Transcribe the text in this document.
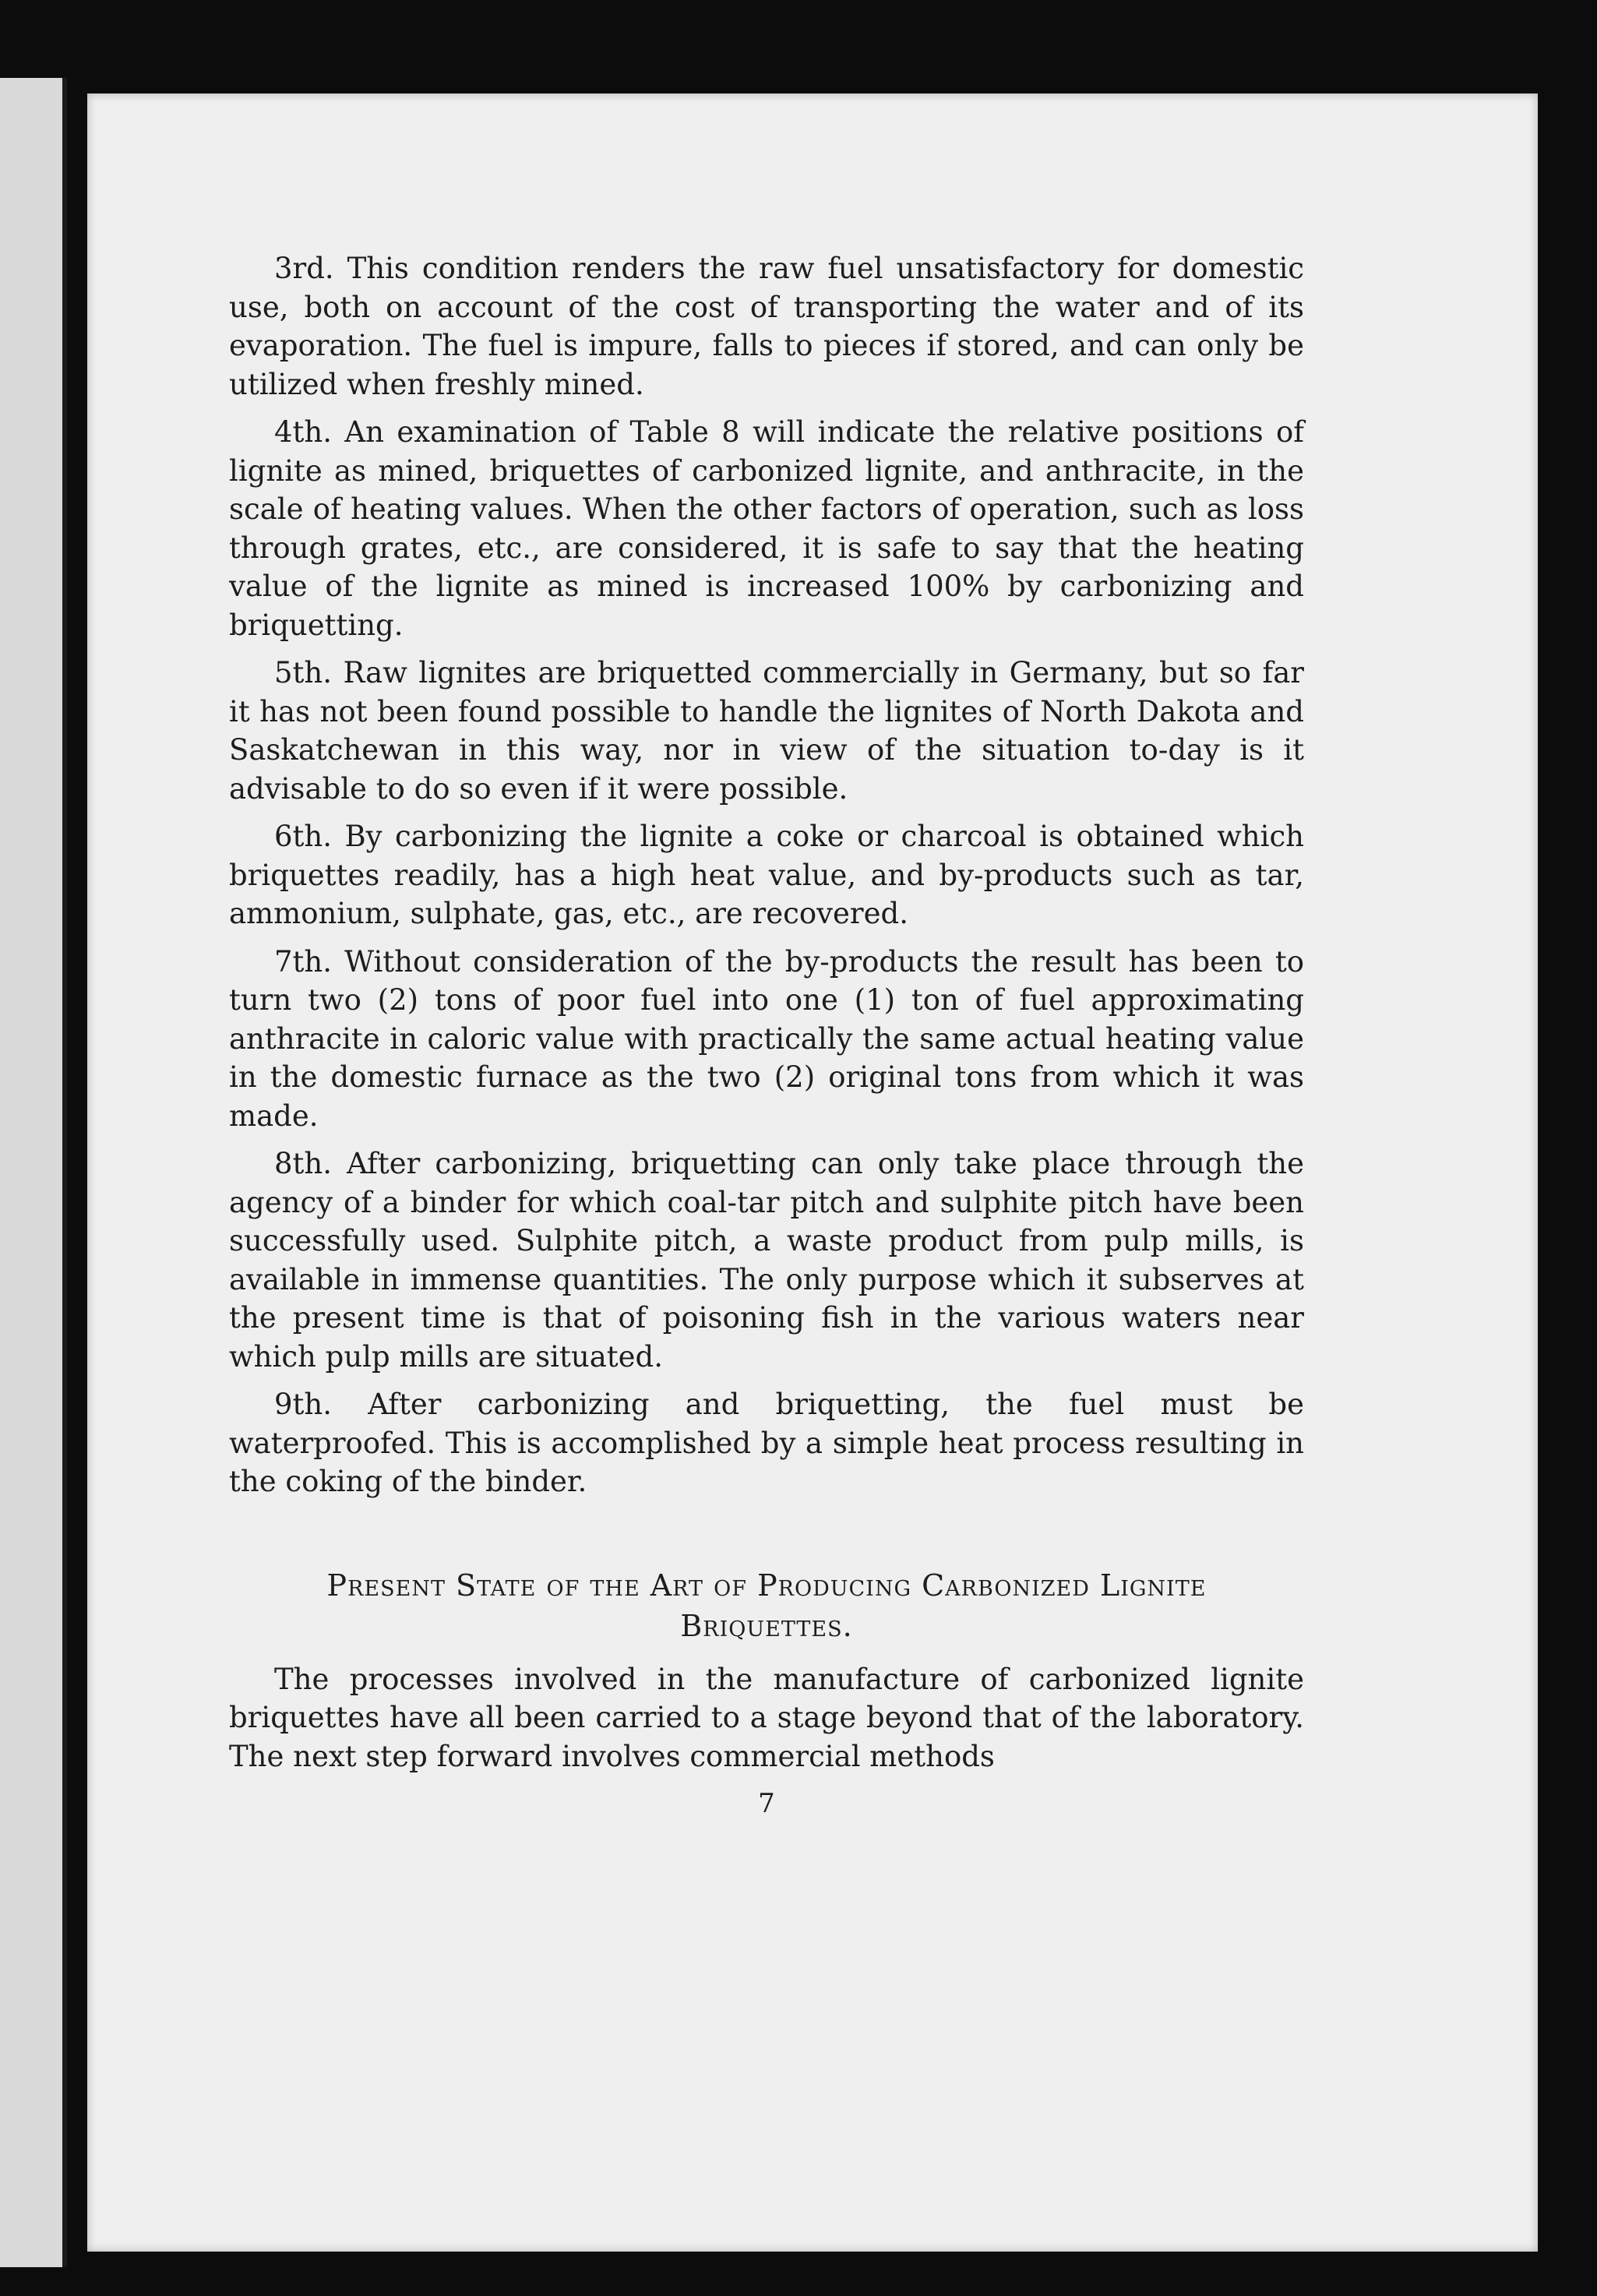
3rd. This condition renders the raw fuel unsatisfactory for domestic use, both on account of the cost of transporting the water and of its evaporation. The fuel is impure, falls to pieces if stored, and can only be utilized when freshly mined.

4th. An examination of Table 8 will indicate the relative positions of lignite as mined, briquettes of carbonized lignite, and anthracite, in the scale of heating values. When the other factors of operation, such as loss through grates, etc., are considered, it is safe to say that the heating value of the lignite as mined is increased 100% by carbonizing and briquetting.

5th. Raw lignites are briquetted commercially in Germany, but so far it has not been found possible to handle the lignites of North Dakota and Saskatchewan in this way, nor in view of the situation to-day is it advisable to do so even if it were possible.

6th. By carbonizing the lignite a coke or charcoal is obtained which briquettes readily, has a high heat value, and by-products such as tar, ammonium, sulphate, gas, etc., are recovered.

7th. Without consideration of the by-products the result has been to turn two (2) tons of poor fuel into one (1) ton of fuel approximating anthracite in caloric value with practically the same actual heating value in the domestic furnace as the two (2) original tons from which it was made.

8th. After carbonizing, briquetting can only take place through the agency of a binder for which coal-tar pitch and sulphite pitch have been successfully used. Sulphite pitch, a waste product from pulp mills, is available in immense quantities. The only purpose which it subserves at the present time is that of poisoning fish in the various waters near which pulp mills are situated.

9th. After carbonizing and briquetting, the fuel must be waterproofed. This is accomplished by a simple heat process resulting in the coking of the binder.

Present State of the Art of Producing Carbonized Lignite
Briquettes.

The processes involved in the manufacture of carbonized lignite briquettes have all been carried to a stage beyond that of the laboratory. The next step forward involves commercial methods

7
